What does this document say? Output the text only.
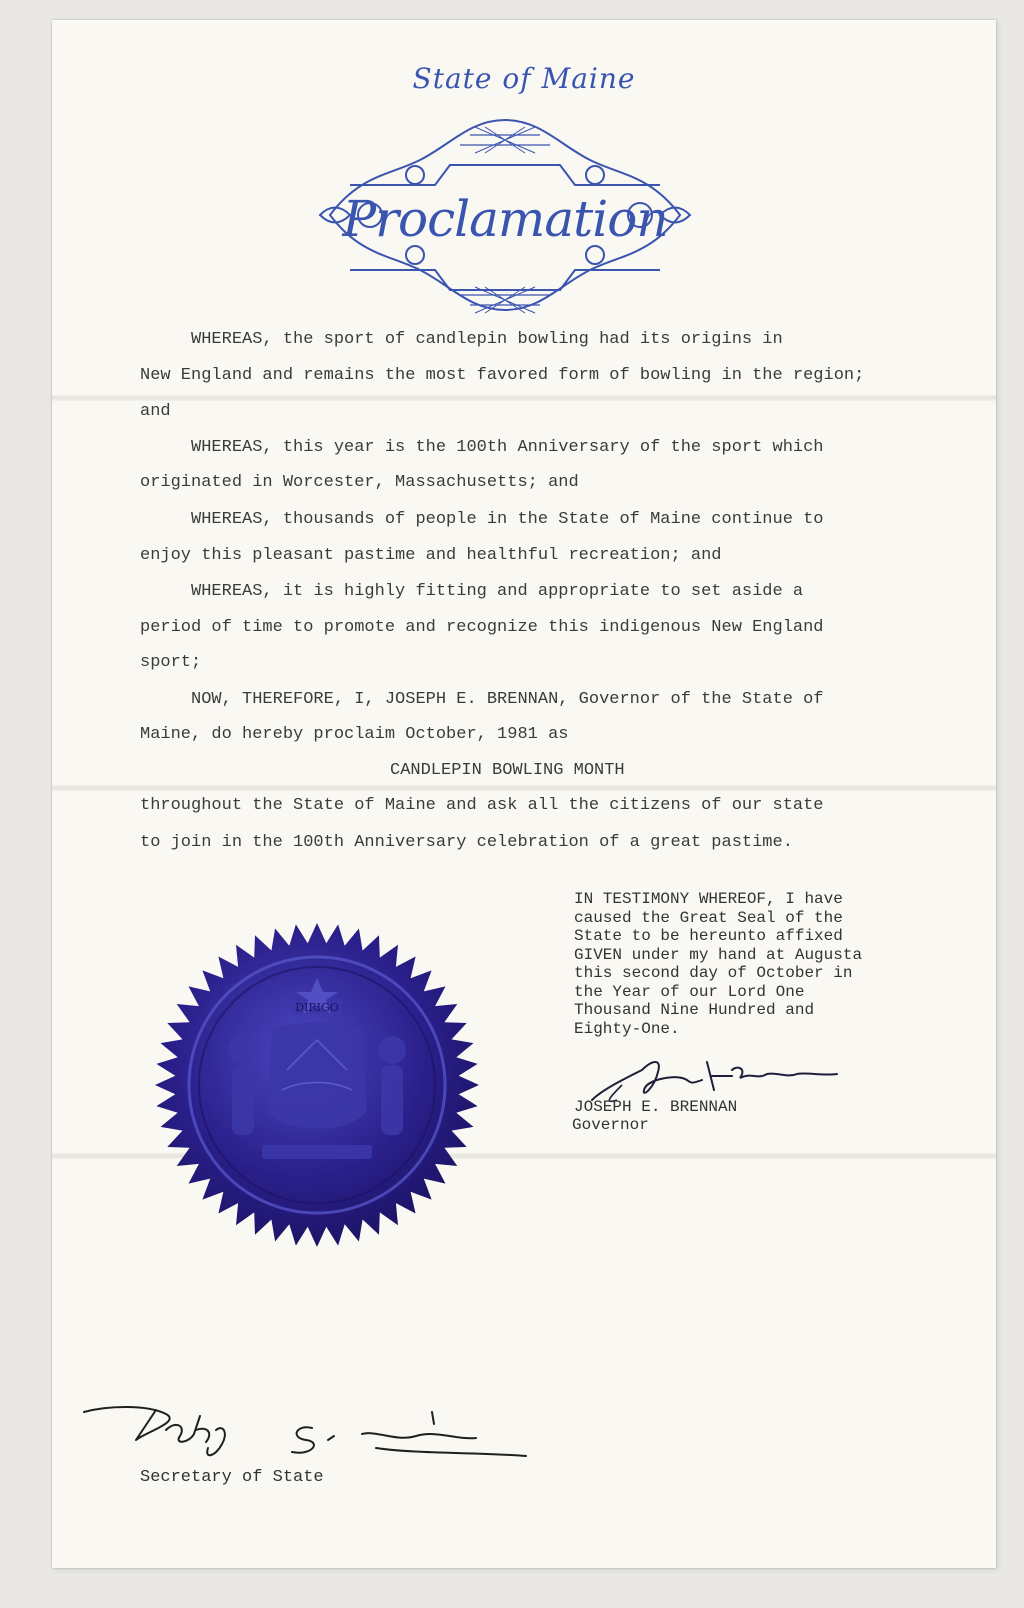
State of Maine
Proclamation

WHEREAS, the sport of candlepin bowling had its origins in

New England and remains the most favored form of bowling in the region;

and

WHEREAS, this year is the 100th Anniversary of the sport which

originated in Worcester, Massachusetts; and

WHEREAS, thousands of people in the State of Maine continue to

enjoy this pleasant pastime and healthful recreation; and

WHEREAS, it is highly fitting and appropriate to set aside a

period of time to promote and recognize this indigenous New England

sport;

NOW, THEREFORE, I, JOSEPH E. BRENNAN, Governor of the State of

Maine, do hereby proclaim October, 1981 as

CANDLEPIN BOWLING MONTH

throughout the State of Maine and ask all the citizens of our state

to join in the 100th Anniversary celebration of a great pastime.

IN TESTIMONY WHEREOF, I have
caused the Great Seal of the
State to be hereunto affixed
GIVEN under my hand at Augusta
this second day of October in
the Year of our Lord One
Thousand Nine Hundred and
Eighty-One.
DIRIGO
JOSEPH E. BRENNAN
Governor
Secretary of State
